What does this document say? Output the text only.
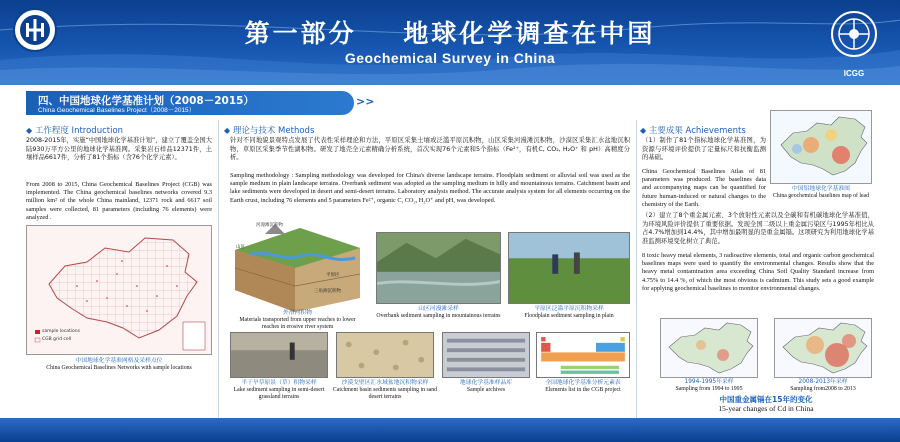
第一部分    地球化学调查在中国
Geochemical Survey in China
ICGG
四、中国地球化学基准计划（2008－2015）
China Geochemical Baselines Project（2008－2015）
>>
◆ 工作程度 Introduction
2008-2015年，实施“中国地球化学基准计划”，建立了覆盖全国大陆930万平方公里的地球化学基准网。采集岩石样品12371件，土壤样品6617件，分析了81个指标（含76个化学元素）。
From 2008 to 2015, China Geochemical Baselines Project (CGB) was implemented. The China geochemical baselines networks covered 9.3 million km² of the whole China mainland, 12371 rock and 6617 soil samples were collected, 81 parameters (including 76 elements) were analyzed .
sample locations
CGB grid cell
中国地球化学基准网格及采样点位
China Geochemical Baselines Networks with sample locations
◆ 理论与技术 Methods
针对不同地貌景观特点发展了代表性采样理论和方法，平原区采集土壤或泛滥平原沉积物，山区采集河漫滩沉积物，沙漠区采集汇水盆地沉积物，草原区采集季节性湖积物。研发了地壳全元素精确分析系统，首次实现76个元素和5个指标（Fe²⁺，有机C, CO₂, H₂O⁺ 和 pH）高精度分析。
Sampling methodology : Sampling methodology was developed for China's diverse landscape terrains. Floodplain sediment or alluvial soil was used as the sample medium in plain landscape terrains. Overbank sediment was adopted as the sampling medium in hilly and mountainous terrains. Catchment basin and lake sediments were developed in desert and semi-desert terrains. Laboratory analysis method. The accurate analysis system for all elements occurring on the Earth crust, including 76 elements and 5 parameters Fe²⁺, organic C, CO₂, H₂O⁺ and pH, was developed.
河漫滩沉积物
山区
平原区
三角洲沉积物
外滑河积物
Materials transported from upper reaches to lower reaches in erosive river system
山区河漫滩采样
Overbank sediment sampling in mountainous terrains
平原区泛滥平原沉积物采样
Floodplain sediment sampling in plain
半干旱草原景（草）积物采样
Lake sediment sampling in semi-desert grassland terrains
沙漠戈壁区汇水域盆地沉积物采样
Catchment basin sediments sampling in sand desert terrains
地球化学基准样品库
Sample archives
全国地球化学基准分析元素表
Elements list in the CGB project
◆ 主要成果 Achievements
（1）制作了81个指标地球化学基准图，为资源与环境评价提供了定量标尺和抗衡监测的基础。
China Geochemical Baselines Atlas of 81 parameters was produced. The baselines data and accompanying maps can be quantified for future human-induced or natural changes to the chemistry of the Earth.
中国铝地球化学基准图
China geochemical baselines map of lead
（2）建立了8个重金属元素、3个放射性元素以及全碳和有机碳地球化学基准值，为环境风险评价提供了重要依据。发现全国二级以上重金属污染区与1995年相比从占4.7%增加到14.4%，其中增加最明显的是重金属镉。这项研究为利用地球化学基准监测环境变化树立了典范。
8 toxic heavy metal elements, 3 radioactive elements, total and organic carbon geochemical baselines maps were used to quantify the environmental changes. Results show that the heavy metal contamination area exceeding China Soil Quality Standard increase from 4.75% to 14.4 %, of which the most obvious is cadmium. This study sets a good example for applying geochemical baselines to monitor environmental changes.
1994-1995年采样
Sampling from 1994 to 1995
2008-2013年采样
Sampling from2008 to 2013
中国重金属镉在15年的变化
15-year changes of Cd in China
